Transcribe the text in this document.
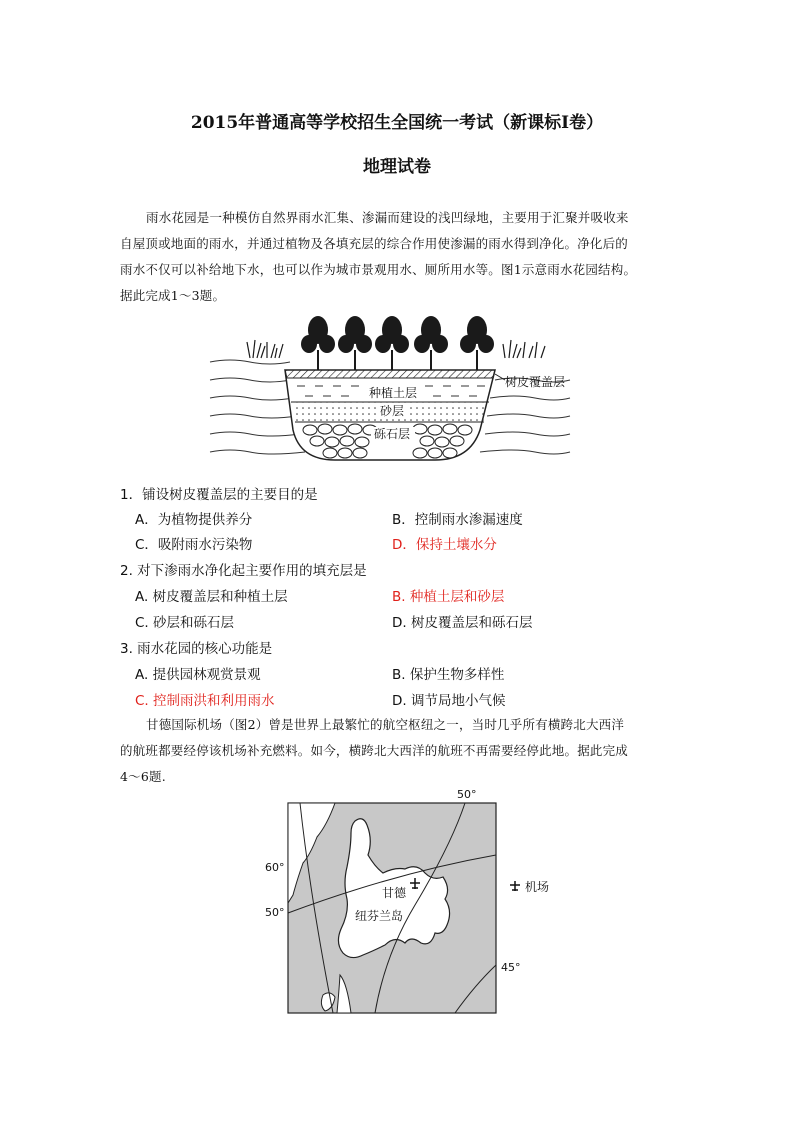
2015年普通高等学校招生全国统一考试（新课标Ⅰ卷）
地理试卷
雨水花园是一种模仿自然界雨水汇集、渗漏而建设的浅凹绿地，主要用于汇聚并吸收来
自屋顶或地面的雨水，并通过植物及各填充层的综合作用使渗漏的雨水得到净化。净化后的
雨水不仅可以补给地下水，也可以作为城市景观用水、厕所用水等。图1示意雨水花园结构。
据此完成1～3题。
树皮覆盖层
种植土层
砂层
砾石层
1．铺设树皮覆盖层的主要目的是
A．为植物提供养分	B．控制雨水渗漏速度
C．吸附雨水污染物	D．保持土壤水分
2. 对下渗雨水净化起主要作用的填充层是
A. 树皮覆盖层和种植土层	B. 种植土层和砂层
C. 砂层和砾石层	D. 树皮覆盖层和砾石层
3. 雨水花园的核心功能是
A. 提供园林观赏景观	B. 保护生物多样性
C. 控制雨洪和利用雨水	D. 调节局地小气候
甘德国际机场（图2）曾是世界上最繁忙的航空枢纽之一，当时几乎所有横跨北大西洋
的航班都要经停该机场补充燃料。如今，横跨北大西洋的航班不再需要经停此地。据此完成
4～6题.
60°
50°
50°
45°
甘德
纽芬兰岛
机场
